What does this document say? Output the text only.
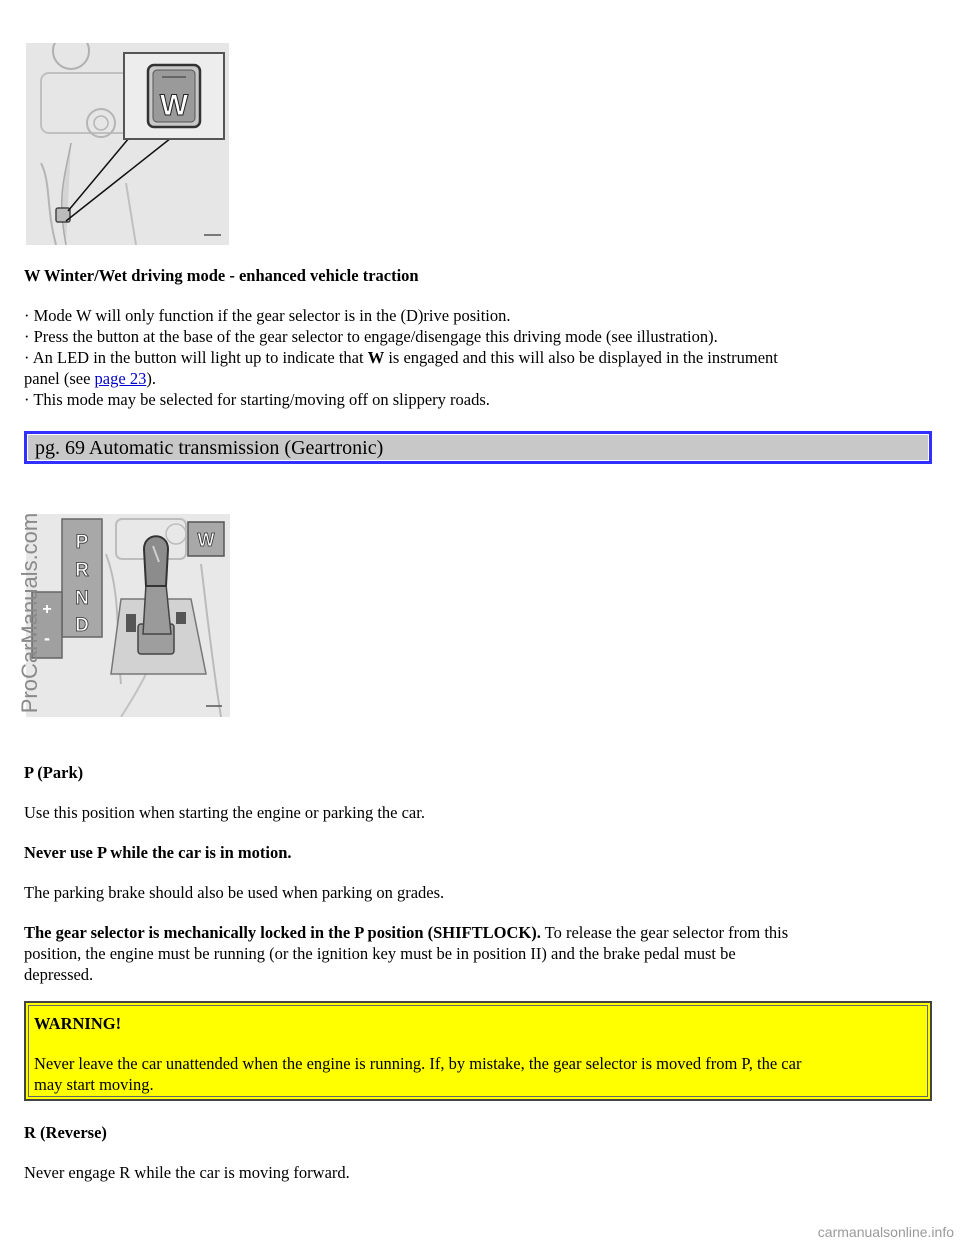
W

W Winter/Wet driving mode - enhanced vehicle traction

· Mode W will only function if the gear selector is in the (D)rive position.

· Press the button at the base of the gear selector to engage/disengage this driving mode (see illustration).

· An LED in the button will light up to indicate that W is engaged and this will also be displayed in the instrument

panel (see page 23).

· This mode may be selected for starting/moving off on slippery roads.

pg. 69 Automatic transmission (Geartronic)
P
R
N
D
+
-
W
ProCarManuals.com

P (Park)

Use this position when starting the engine or parking the car.

Never use P while the car is in motion.

The parking brake should also be used when parking on grades.

The gear selector is mechanically locked in the P position (SHIFTLOCK). To release the gear selector from this

position, the engine must be running (or the ignition key must be in position II) and the brake pedal must be

depressed.

WARNING!

Never leave the car unattended when the engine is running. If, by mistake, the gear selector is moved from P, the car

may start moving.

R (Reverse)

Never engage R while the car is moving forward.

carmanualsonline.info
